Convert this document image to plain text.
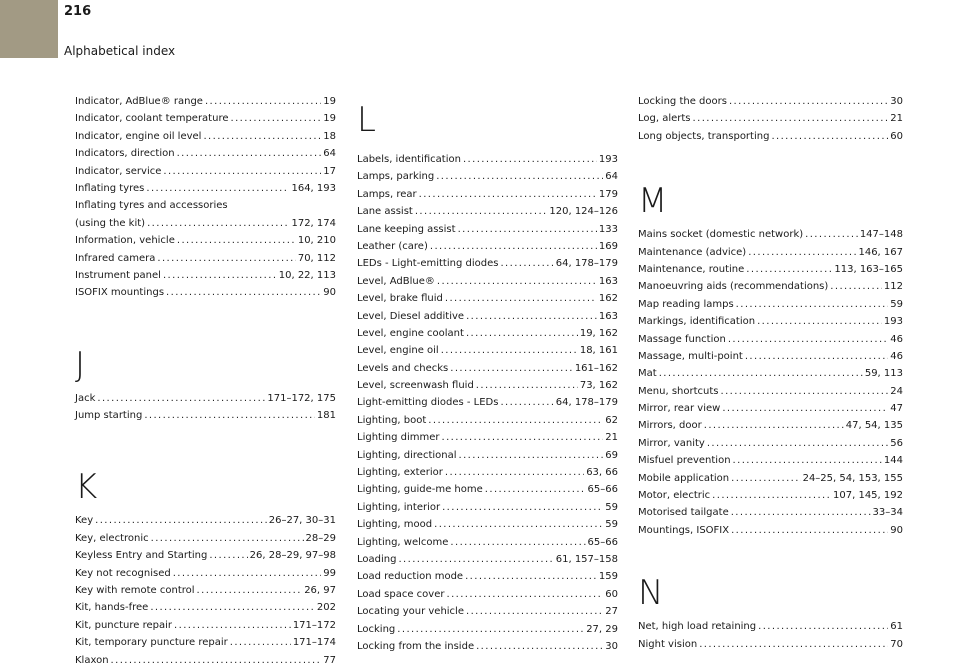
216
Alphabetical index
Indicator, AdBlue® range .....	19
Indicator, coolant temperature .....	19
Indicator, engine oil level .....	18
Indicators, direction .....	64
Indicator, service .....	17
Inflating tyres .....	164, 193
Inflating tyres and accessories
(using the kit) .....	172, 174
Information, vehicle .....	10, 210
Infrared camera .....	70, 112
Instrument panel .....	10, 22, 113
ISOFIX mountings .....	90
J
Jack .....	171–172, 175
Jump starting .....	181
K
Key .....	26–27, 30–31
Key, electronic .....	28–29
Keyless Entry and Starting .....	26, 28–29, 97–98
Key not recognised .....	99
Key with remote control .....	26, 97
Kit, hands-free .....	202
Kit, puncture repair .....	171–172
Kit, temporary puncture repair .....	171–174
Klaxon .....	77
L
Labels, identification .....	193
Lamps, parking .....	64
Lamps, rear .....	179
Lane assist .....	120, 124–126
Lane keeping assist .....	133
Leather (care) .....	169
LEDs - Light-emitting diodes .....	64, 178–179
Level, AdBlue® .....	163
Level, brake fluid .....	162
Level, Diesel additive .....	163
Level, engine coolant .....	19, 162
Level, engine oil .....	18, 161
Levels and checks .....	161–162
Level, screenwash fluid .....	73, 162
Light-emitting diodes - LEDs .....	64, 178–179
Lighting, boot .....	62
Lighting dimmer .....	21
Lighting, directional .....	69
Lighting, exterior .....	63, 66
Lighting, guide-me home .....	65–66
Lighting, interior .....	59
Lighting, mood .....	59
Lighting, welcome .....	65–66
Loading .....	61, 157–158
Load reduction mode .....	159
Load space cover .....	60
Locating your vehicle .....	27
Locking .....	27, 29
Locking from the inside .....	30
Locking the doors .....	30
Log, alerts .....	21
Long objects, transporting .....	60
M
Mains socket (domestic network) .....	147–148
Maintenance (advice) .....	146, 167
Maintenance, routine .....	113, 163–165
Manoeuvring aids (recommendations) .....	112
Map reading lamps .....	59
Markings, identification .....	193
Massage function .....	46
Massage, multi-point .....	46
Mat .....	59, 113
Menu, shortcuts .....	24
Mirror, rear view .....	47
Mirrors, door .....	47, 54, 135
Mirror, vanity .....	56
Misfuel prevention .....	144
Mobile application .....	24–25, 54, 153, 155
Motor, electric .....	107, 145, 192
Motorised tailgate .....	33–34
Mountings, ISOFIX .....	90
N
Net, high load retaining .....	61
Night vision .....	70
